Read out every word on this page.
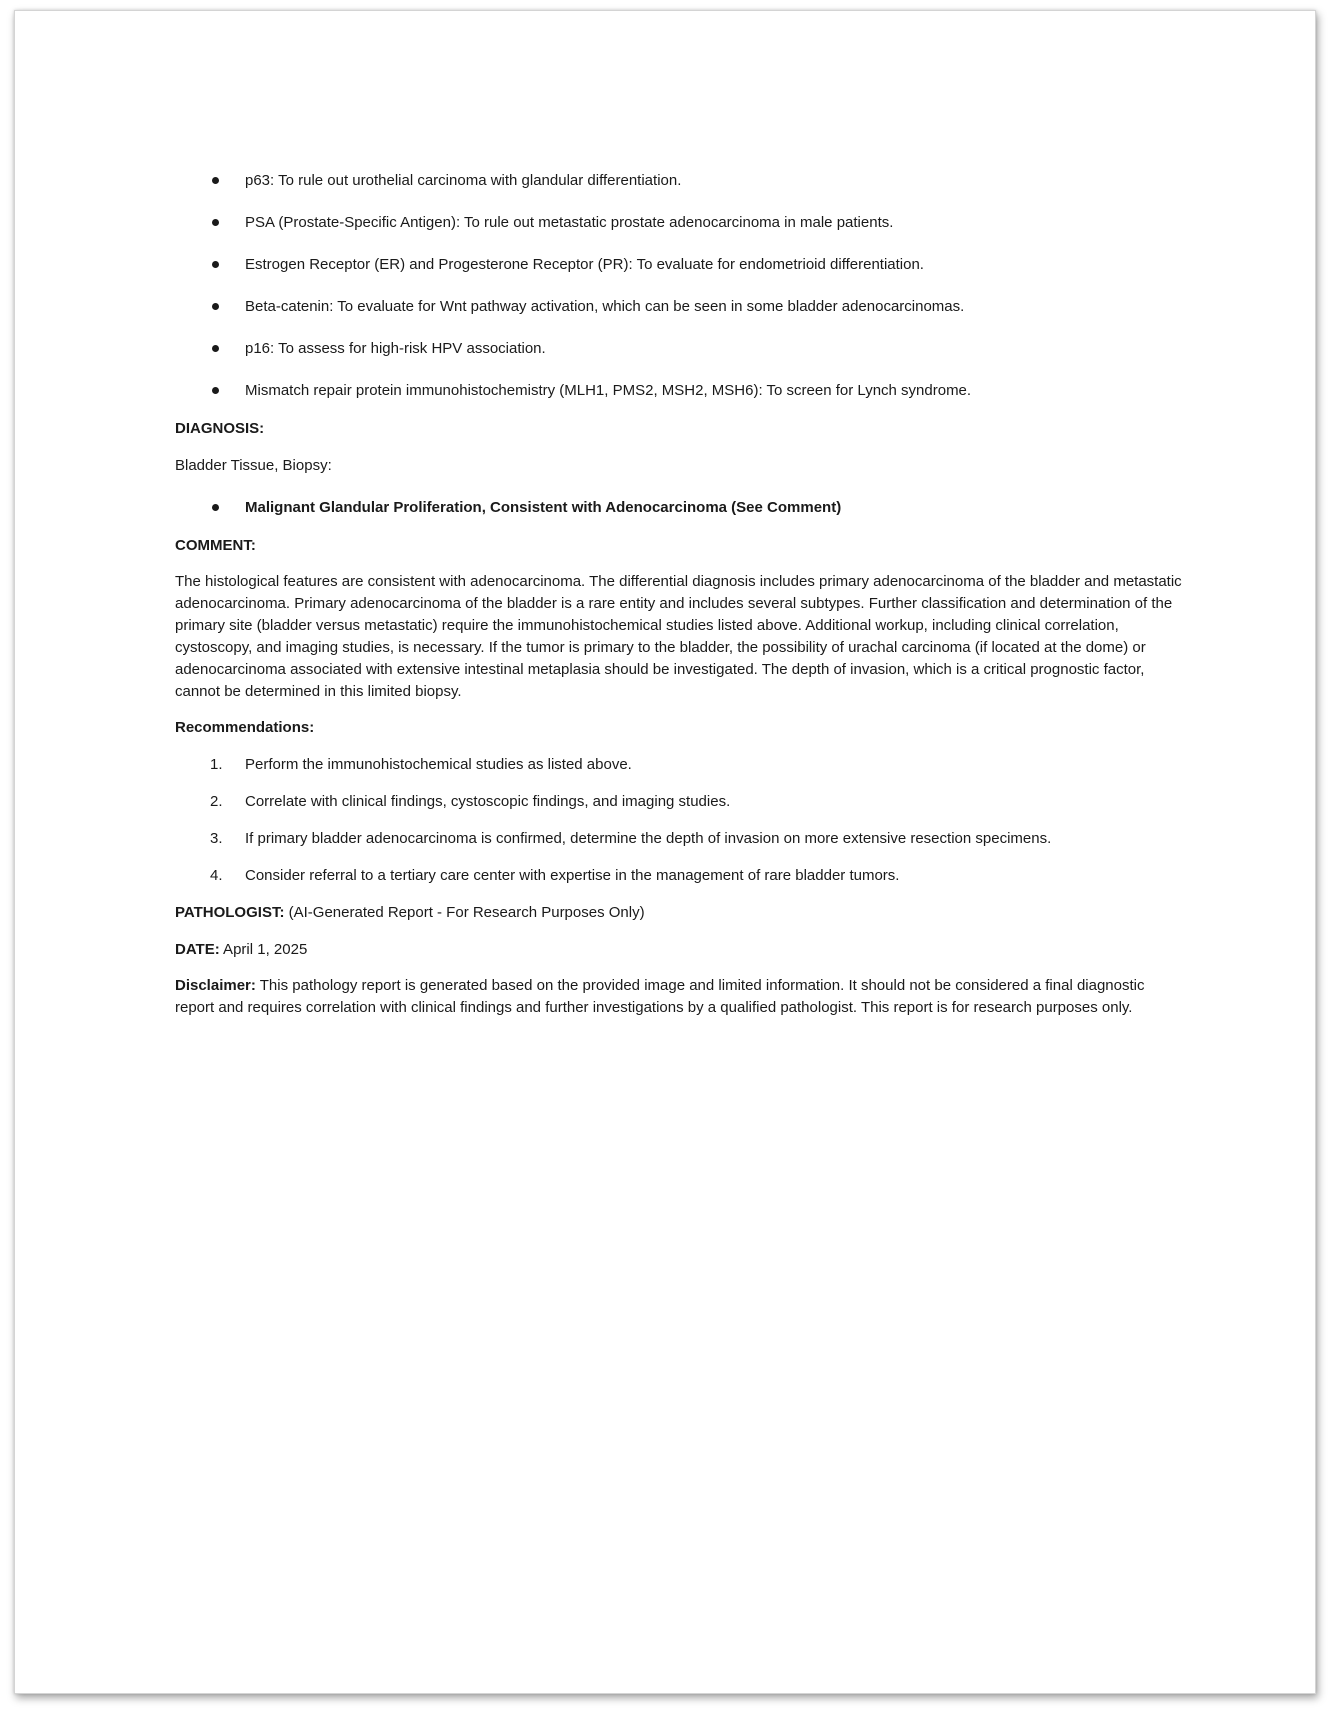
p63: To rule out urothelial carcinoma with glandular differentiation.
PSA (Prostate-Specific Antigen): To rule out metastatic prostate adenocarcinoma in male patients.
Estrogen Receptor (ER) and Progesterone Receptor (PR): To evaluate for endometrioid differentiation.
Beta-catenin: To evaluate for Wnt pathway activation, which can be seen in some bladder adenocarcinomas.
p16: To assess for high-risk HPV association.
Mismatch repair protein immunohistochemistry (MLH1, PMS2, MSH2, MSH6): To screen for Lynch syndrome.
DIAGNOSIS:

Bladder Tissue, Biopsy:

Malignant Glandular Proliferation, Consistent with Adenocarcinoma (See Comment)
COMMENT:

The histological features are consistent with adenocarcinoma. The differential diagnosis includes primary adenocarcinoma of the bladder and metastatic adenocarcinoma. Primary adenocarcinoma of the bladder is a rare entity and includes several subtypes. Further classification and determination of the primary site (bladder versus metastatic) require the immunohistochemical studies listed above. Additional workup, including clinical correlation, cystoscopy, and imaging studies, is necessary. If the tumor is primary to the bladder, the possibility of urachal carcinoma (if located at the dome) or adenocarcinoma associated with extensive intestinal metaplasia should be investigated. The depth of invasion, which is a critical prognostic factor, cannot be determined in this limited biopsy.

Recommendations:
1. Perform the immunohistochemical studies as listed above.
2. Correlate with clinical findings, cystoscopic findings, and imaging studies.
3. If primary bladder adenocarcinoma is confirmed, determine the depth of invasion on more extensive resection specimens.
4. Consider referral to a tertiary care center with expertise in the management of rare bladder tumors.

PATHOLOGIST: (AI-Generated Report - For Research Purposes Only)

DATE: April 1, 2025

Disclaimer: This pathology report is generated based on the provided image and limited information. It should not be considered a final diagnostic report and requires correlation with clinical findings and further investigations by a qualified pathologist. This report is for research purposes only.
